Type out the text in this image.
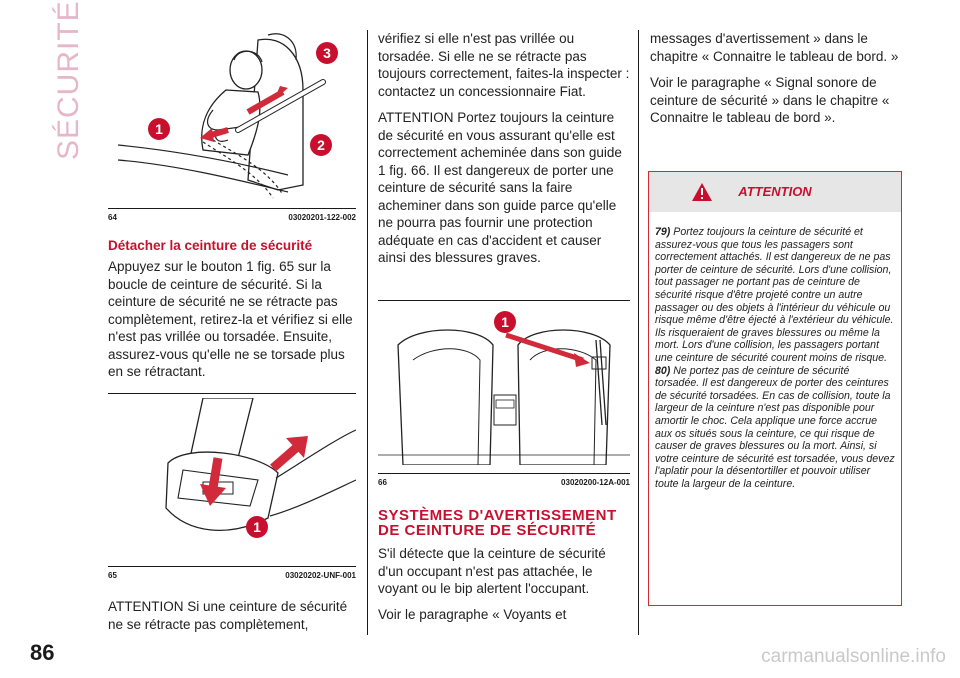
SÉCURITÉ
86
3
1
2
64	03020201-122-002
Détacher la ceinture de sécurité

Appuyez sur le bouton 1 fig. 65 sur la boucle de ceinture de sécurité. Si la ceinture de sécurité ne se rétracte pas complètement, retirez-la et vérifiez si elle n'est pas vrillée ou torsadée. Ensuite, assurez-vous qu'elle ne se torsade plus en se rétractant.

1
65	03020202-UNF-001

ATTENTION Si une ceinture de sécurité ne se rétracte pas complètement,

vérifiez si elle n'est pas vrillée ou torsadée. Si elle ne se rétracte pas toujours correctement, faites-la inspecter : contactez un concessionnaire Fiat.

ATTENTION Portez toujours la ceinture de sécurité en vous assurant qu'elle est correctement acheminée dans son guide 1 fig. 66. Il est dangereux de porter une ceinture de sécurité sans la faire acheminer dans son guide parce qu'elle ne pourra pas fournir une protection adéquate en cas d'accident et causer ainsi des blessures graves.

1
66	03020200-12A-001
SYSTÈMES D'AVERTISSEMENT DE CEINTURE DE SÉCURITÉ

S'il détecte que la ceinture de sécurité d'un occupant n'est pas attachée, le voyant ou le bip alertent l'occupant.

Voir le paragraphe « Voyants et

messages d'avertissement » dans le chapitre « Connaitre le tableau de bord. »

Voir le paragraphe « Signal sonore de ceinture de sécurité » dans le chapitre « Connaitre le tableau de bord ».

ATTENTION

79) Portez toujours la ceinture de sécurité et assurez-vous que tous les passagers sont correctement attachés. Il est dangereux de ne pas porter de ceinture de sécurité. Lors d'une collision, tout passager ne portant pas de ceinture de sécurité risque d'être projeté contre un autre passager ou des objets à l'intérieur du véhicule ou risque même d'être éjecté à l'extérieur du véhicule. Ils risqueraient de graves blessures ou même la mort. Lors d'une collision, les passagers portant une ceinture de sécurité courent moins de risque.

80) Ne portez pas de ceinture de sécurité torsadée. Il est dangereux de porter des ceintures de sécurité torsadées. En cas de collision, toute la largeur de la ceinture n'est pas disponible pour amortir le choc. Cela applique une force accrue aux os situés sous la ceinture, ce qui risque de causer de graves blessures ou la mort. Ainsi, si votre ceinture de sécurité est torsadée, vous devez l'aplatir pour la désentortiller et pouvoir utiliser toute la largeur de la ceinture.

carmanualsonline.info
